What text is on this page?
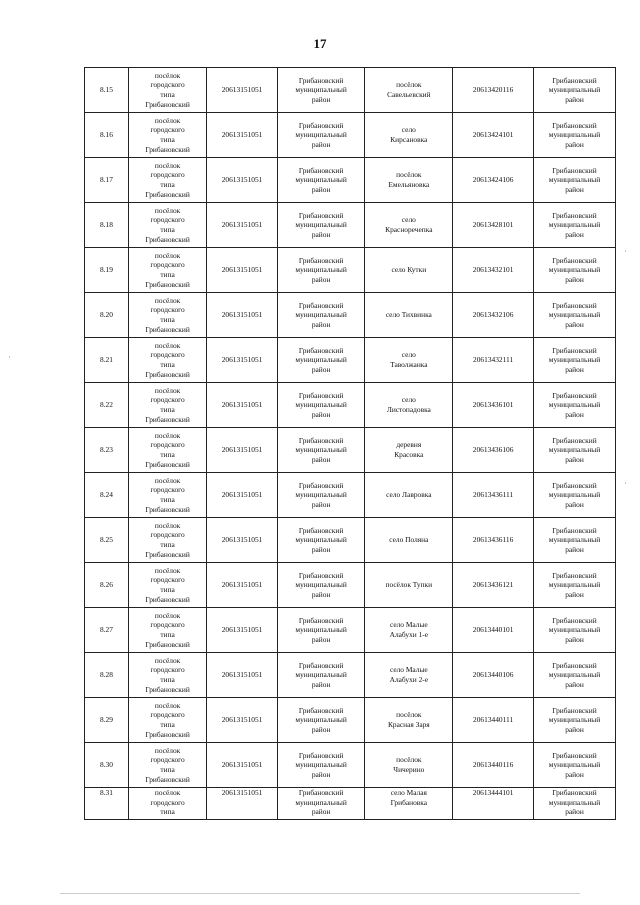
17
·
·
·
8.15	посёлок
городского
типа
Грибановский	20613151051	Грибановский
муниципальный
район	посёлок
Савельевский	20613420116	Грибановский
муниципальный
район
8.16	посёлок
городского
типа
Грибановский	20613151051	Грибановский
муниципальный
район	село
Кирсановка	20613424101	Грибановский
муниципальный
район
8.17	посёлок
городского
типа
Грибановский	20613151051	Грибановский
муниципальный
район	посёлок
Емельяновка	20613424106	Грибановский
муниципальный
район
8.18	посёлок
городского
типа
Грибановский	20613151051	Грибановский
муниципальный
район	село
Красноречепка	20613428101	Грибановский
муниципальный
район
8.19	посёлок
городского
типа
Грибановский	20613151051	Грибановский
муниципальный
район	село Кутки	20613432101	Грибановский
муниципальный
район
8.20	посёлок
городского
типа
Грибановский	20613151051	Грибановский
муниципальный
район	село Тихвинка	20613432106	Грибановский
муниципальный
район
8.21	посёлок
городского
типа
Грибановский	20613151051	Грибановский
муниципальный
район	село
Таволжанка	20613432111	Грибановский
муниципальный
район
8.22	посёлок
городского
типа
Грибановский	20613151051	Грибановский
муниципальный
район	село
Листопадовка	20613436101	Грибановский
муниципальный
район
8.23	посёлок
городского
типа
Грибановский	20613151051	Грибановский
муниципальный
район	деревня
Красовка	20613436106	Грибановский
муниципальный
район
8.24	посёлок
городского
типа
Грибановский	20613151051	Грибановский
муниципальный
район	село Лавровка	20613436111	Грибановский
муниципальный
район
8.25	посёлок
городского
типа
Грибановский	20613151051	Грибановский
муниципальный
район	село Поляна	20613436116	Грибановский
муниципальный
район
8.26	посёлок
городского
типа
Грибановский	20613151051	Грибановский
муниципальный
район	посёлок Тупки	20613436121	Грибановский
муниципальный
район
8.27	посёлок
городского
типа
Грибановский	20613151051	Грибановский
муниципальный
район	село Малые
Алабухи 1-е	20613440101	Грибановский
муниципальный
район
8.28	посёлок
городского
типа
Грибановский	20613151051	Грибановский
муниципальный
район	село Малые
Алабухи 2-е	20613440106	Грибановский
муниципальный
район
8.29	посёлок
городского
типа
Грибановский	20613151051	Грибановский
муниципальный
район	посёлок
Красная Заря	20613440111	Грибановский
муниципальный
район
8.30	посёлок
городского
типа
Грибановский	20613151051	Грибановский
муниципальный
район	посёлок
Чичерино	20613440116	Грибановский
муниципальный
район
8.31	посёлок
городского
типа	20613151051	Грибановский
муниципальный
район	село Малая
Грибановка	20613444101	Грибановский
муниципальный
район
